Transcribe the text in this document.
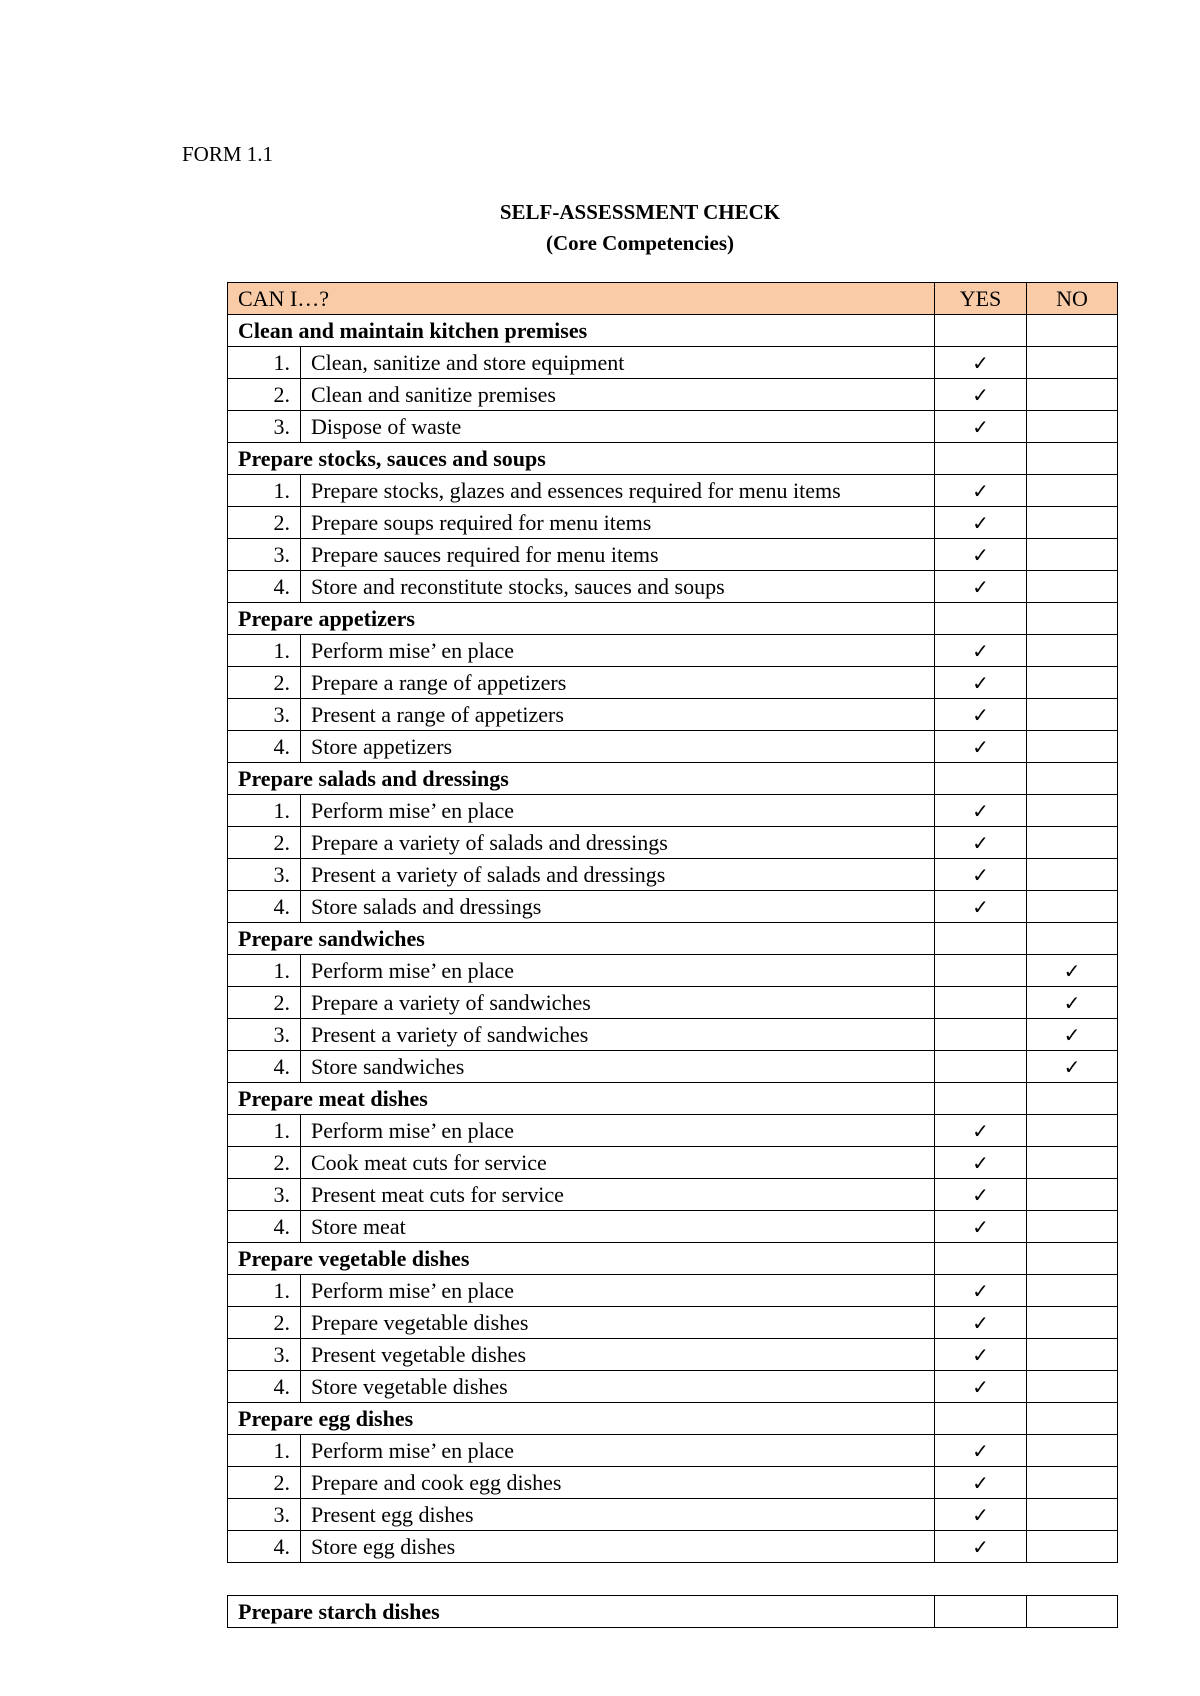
FORM 1.1
SELF-ASSESSMENT CHECK
(Core Competencies)
CAN I…?		YES	NO
Clean and maintain kitchen premises			
1.	Clean, sanitize and store equipment	✓	
2.	Clean and sanitize premises	✓	
3.	Dispose of waste	✓	
Prepare stocks, sauces and soups			
1.	Prepare stocks, glazes and essences required for menu items	✓	
2.	Prepare soups required for menu items	✓	
3.	Prepare sauces required for menu items	✓	
4.	Store and reconstitute stocks, sauces and soups	✓	
Prepare appetizers			
1.	Perform mise’ en place	✓	
2.	Prepare a range of appetizers	✓	
3.	Present a range of appetizers	✓	
4.	Store appetizers	✓	
Prepare salads and dressings			
1.	Perform mise’ en place	✓	
2.	Prepare a variety of salads and dressings	✓	
3.	Present a variety of salads and dressings	✓	
4.	Store salads and dressings	✓	
Prepare sandwiches			
1.	Perform mise’ en place		✓
2.	Prepare a variety of sandwiches		✓
3.	Present a variety of sandwiches		✓
4.	Store sandwiches		✓
Prepare meat dishes			
1.	Perform mise’ en place	✓	
2.	Cook meat cuts for service	✓	
3.	Present meat cuts for service	✓	
4.	Store meat	✓	
Prepare vegetable dishes			
1.	Perform mise’ en place	✓	
2.	Prepare vegetable dishes	✓	
3.	Present vegetable dishes	✓	
4.	Store vegetable dishes	✓	
Prepare egg dishes			
1.	Perform mise’ en place	✓	
2.	Prepare and cook egg dishes	✓	
3.	Present egg dishes	✓	
4.	Store egg dishes	✓	
Prepare starch dishes		
